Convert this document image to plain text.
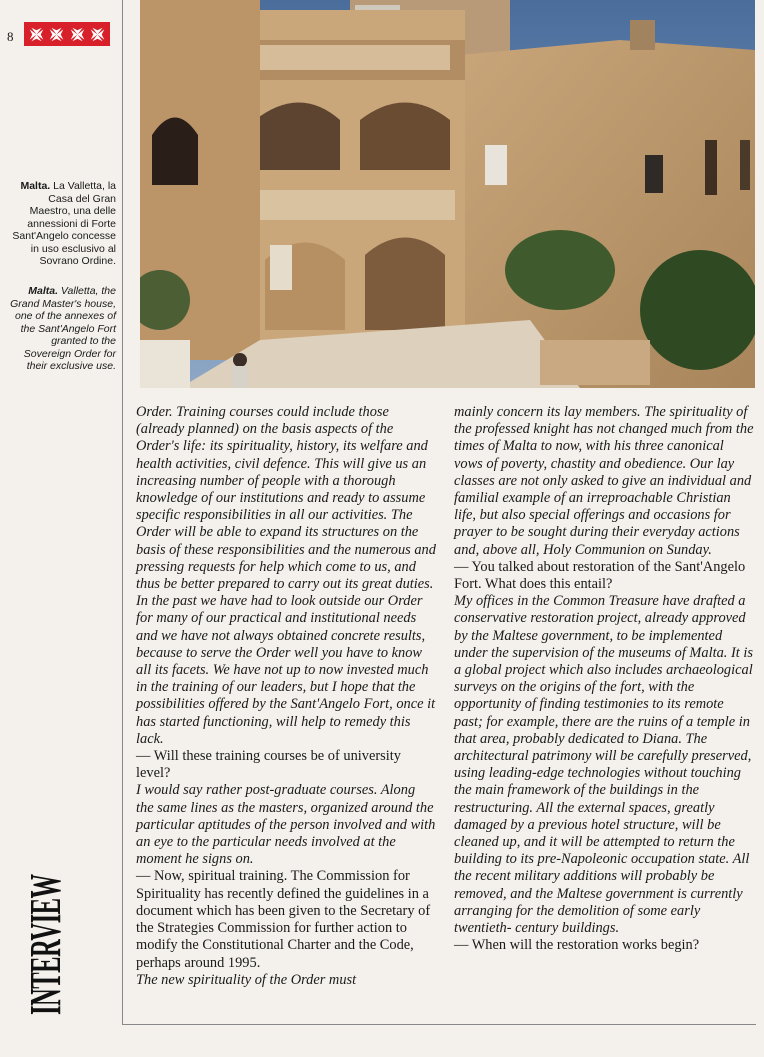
8
Malta. La Valletta, la Casa del Gran Maestro, una delle annessioni di Forte Sant'Angelo concesse in uso esclusivo al Sovrano Ordine.
Malta. Valletta, the Grand Master's house, one of the annexes of the Sant'Angelo Fort granted to the Sovereign Order for their exclusive use.
INTERVIEW

Order. Training courses could include those (already planned) on the basis aspects of the Order's life: its spirituality, history, its welfare and health activities, civil defence. This will give us an increasing number of people with a thorough knowledge of our institutions and ready to assume specific responsibilities in all our activities. The Order will be able to expand its structures on the basis of these responsibilities and the numerous and pressing requests for help which come to us, and thus be better prepared to carry out its great duties. In the past we have had to look outside our Order for many of our practical and institutional needs and we have not always obtained concrete results, because to serve the Order well you have to know all its facets. We have not up to now invested much in the training of our leaders, but I hope that the possibilities offered by the Sant'Angelo Fort, once it has started functioning, will help to remedy this lack.

— Will these training courses be of university level?

I would say rather post-graduate courses. Along the same lines as the masters, organized around the particular aptitudes of the person involved and with an eye to the particular needs involved at the moment he signs on.

— Now, spiritual training. The Commission for Spirituality has recently defined the guidelines in a document which has been given to the Secretary of the Strategies Commission for further action to modify the Constitutional Charter and the Code, perhaps around 1995.

The new spirituality of the Order must

mainly concern its lay members. The spirituality of the professed knight has not changed much from the times of Malta to now, with his three canonical vows of poverty, chastity and obedience. Our lay classes are not only asked to give an individual and familial example of an irreproachable Christian life, but also special offerings and occasions for prayer to be sought during their everyday actions and, above all, Holy Communion on Sunday.

— You talked about restoration of the Sant'Angelo Fort. What does this entail?

My offices in the Common Treasure have drafted a conservative restoration project, already approved by the Maltese government, to be implemented under the supervision of the museums of Malta. It is a global project which also includes archaeological surveys on the origins of the fort, with the opportunity of finding testimonies to its remote past; for example, there are the ruins of a temple in that area, probably dedicated to Diana. The architectural patrimony will be carefully preserved, using leading-edge technologies without touching the main framework of the buildings in the restructuring. All the external spaces, greatly damaged by a previous hotel structure, will be cleaned up, and it will be attempted to return the building to its pre-Napoleonic occupation state. All the recent military additions will probably be removed, and the Maltese government is currently arranging for the demolition of some early twentieth- century buildings.

— When will the restoration works begin?
